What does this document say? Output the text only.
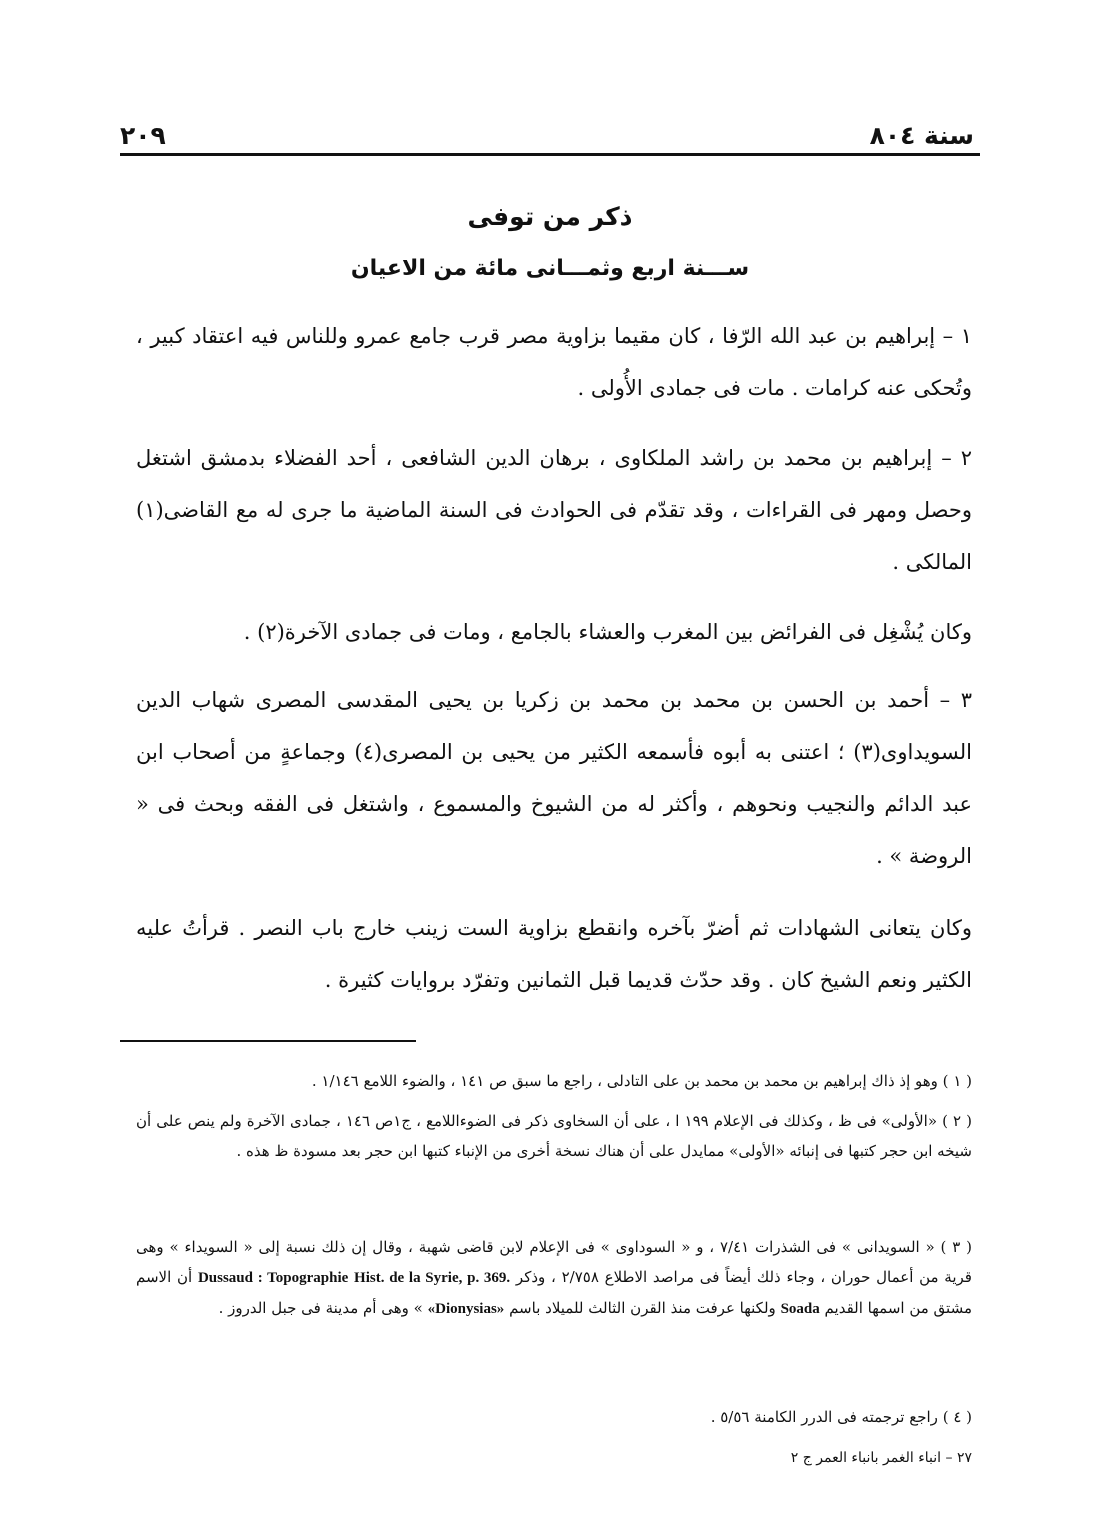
سنة ٨٠٤
٢٠٩
ذكر من توفى
ســـنة اربع وثمـــانى مائة من الاعيان

١ – إبراهيم بن عبد الله الرّفا ، كان مقيما بزاوية مصر قرب جامع عمرو وللناس فيه اعتقاد كبير ، وتُحكى عنه كرامات . مات فى جمادى الأُولى .

٢ – إبراهيم بن محمد بن راشد الملكاوى ، برهان الدين الشافعى ، أحد الفضلاء بدمشق اشتغل وحصل ومهر فى القراءات ، وقد تقدّم فى الحوادث فى السنة الماضية ما جرى له مع القاضى(١) المالكى .

وكان يُشْغِل فى الفرائض بين المغرب والعشاء بالجامع ، ومات فى جمادى الآخرة(٢) .

٣ – أحمد بن الحسن بن محمد بن محمد بن زكريا بن يحيى المقدسى المصرى شهاب الدين السويداوى(٣) ؛ اعتنى به أبوه فأسمعه الكثير من يحيى بن المصرى(٤) وجماعةٍ من أصحاب ابن عبد الدائم والنجيب ونحوهم ، وأكثر له من الشيوخ والمسموع ، واشتغل فى الفقه وبحث فى « الروضة » .

وكان يتعانى الشهادات ثم أضرّ بآخره وانقطع بزاوية الست زينب خارج باب النصر . قرأتُ عليه الكثير ونعم الشيخ كان . وقد حدّث قديما قبل الثمانين وتفرّد بروايات كثيرة .

( ١ ) وهو إذ ذاك إبراهيم بن محمد بن محمد بن على التادلى ، راجع ما سبق ص ١٤١ ، والضوء اللامع ١/١٤٦ .

( ٢ ) «الأولى» فى ظ ، وكذلك فى الإعلام ١٩٩ ا ، على أن السخاوى ذكر فى الضوءاللامع ، ج١ص ١٤٦ ، جمادى الآخرة ولم ينص على أن شيخه ابن حجر كتبها فى إنبائه «الأولى» ممايدل على أن هناك نسخة أخرى من الإنباء كتبها ابن حجر بعد مسودة ظ هذه .

( ٣ ) « السويدانى » فى الشذرات ٧/٤١ ، و « السوداوى » فى الإعلام لابن قاضى شهبة ، وقال إن ذلك نسبة إلى « السويداء » وهى قرية من أعمال حوران ، وجاء ذلك أيضاً فى مراصد الاطلاع ٢/٧٥٨ ، وذكر Dussaud : Topographie Hist. de la Syrie, p. 369. أن الاسم مشتق من اسمها القديم Soada ولكنها عرفت منذ القرن الثالث للميلاد باسم «Dionysias» » وهى أم مدينة فى جبل الدروز .

( ٤ ) راجع ترجمته فى الدرر الكامنة ٥/٥٦ .

٢٧ – انباء الغمر بانباء العمر ج ٢
